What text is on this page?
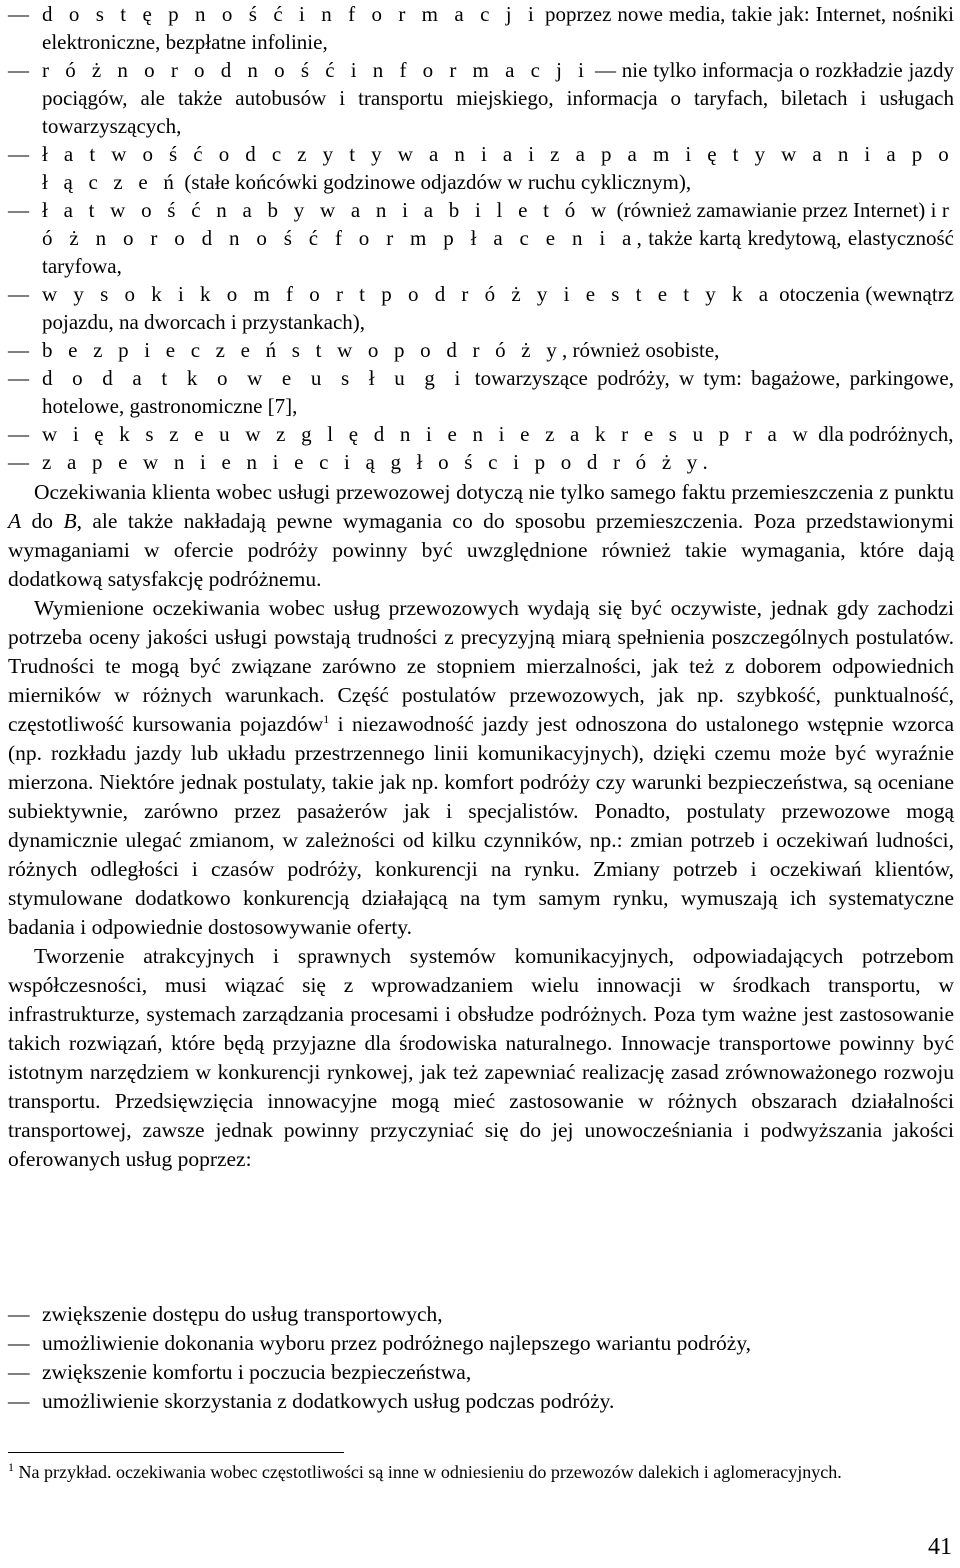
— d o s t ę p n o ś ć i n f o r m a c j i poprzez nowe media, takie jak: Internet, nośniki elektroniczne, bezpłatne infolinie,
— r ó ż n o r o d n o ś ć i n f o r m a c j i — nie tylko informacja o rozkładzie jazdy pociągów, ale także autobusów i transportu miejskiego, informacja o taryfach, biletach i usługach towarzyszących,
— ł a t w o ś ć o d c z y t y w a n i a i z a p a m i ę t y w a n i a p o ł ą c z e ń (stałe końcówki godzinowe odjazdów w ruchu cyklicznym),
— ł a t w o ś ć n a b y w a n i a b i l e t ó w (również zamawianie przez Internet) i r ó ż n o r o d n o ś ć f o r m p ł a c e n i a, także kartą kredytową, elastyczność taryfowa,
— w y s o k i k o m f o r t p o d r ó ż y i e s t e t y k a otoczenia (wewnątrz pojazdu, na dworcach i przystankach),
— b e z p i e c z e ń s t w o p o d r ó ż y, również osobiste,
— d o d a t k o w e u s ł u g i towarzyszące podróży, w tym: bagażowe, parkingowe, hotelowe, gastronomiczne [7],
— w i ę k s z e u w z g l ę d n i e n i e z a k r e s u p r a w dla podróżnych,
— z a p e w n i e n i e c i ą g ł o ś c i p o d r ó ż y.

Oczekiwania klienta wobec usługi przewozowej dotyczą nie tylko samego faktu przemieszczenia z punktu A do B, ale także nakładają pewne wymagania co do sposobu przemieszczenia. Poza przedstawionymi wymaganiami w ofercie podróży powinny być uwzględnione również takie wymagania, które dają dodatkową satysfakcję podróżnemu.

Wymienione oczekiwania wobec usług przewozowych wydają się być oczywiste, jednak gdy zachodzi potrzeba oceny jakości usługi powstają trudności z precyzyjną miarą spełnienia poszczególnych postulatów. Trudności te mogą być związane zarówno ze stopniem mierzalności, jak też z doborem odpowiednich mierników w różnych warunkach. Część postulatów przewozowych, jak np. szybkość, punktualność, częstotliwość kursowania pojazdów$^1$ i niezawodność jazdy jest odnoszona do ustalonego wstępnie wzorca (np. rozkładu jazdy lub układu przestrzennego linii komunikacyjnych), dzięki czemu może być wyraźnie mierzona. Niektóre jednak postulaty, takie jak np. komfort podróży czy warunki bezpieczeństwa, są oceniane subiektywnie, zarówno przez pasażerów jak i specjalistów. Ponadto, postulaty przewozowe mogą dynamicznie ulegać zmianom, w zależności od kilku czynników, np.: zmian potrzeb i oczekiwań ludności, różnych odległości i czasów podróży, konkurencji na rynku. Zmiany potrzeb i oczekiwań klientów, stymulowane dodatkowo konkurencją działającą na tym samym rynku, wymuszają ich systematyczne badania i odpowiednie dostosowywanie oferty.

Tworzenie atrakcyjnych i sprawnych systemów komunikacyjnych, odpowiadających potrzebom współczesności, musi wiązać się z wprowadzaniem wielu innowacji w środkach transportu, w infrastrukturze, systemach zarządzania procesami i obsłudze podróżnych. Poza tym ważne jest zastosowanie takich rozwiązań, które będą przyjazne dla środowiska naturalnego. Innowacje transportowe powinny być istotnym narzędziem w konkurencji rynkowej, jak też zapewniać realizację zasad zrównoważonego rozwoju transportu. Przedsięwzięcia innowacyjne mogą mieć zastosowanie w różnych obszarach działalności transportowej, zawsze jednak powinny przyczyniać się do jej unowocześniania i podwyższania jakości oferowanych usług poprzez:

— zwiększenie dostępu do usług transportowych,
— umożliwienie dokonania wyboru przez podróżnego najlepszego wariantu podróży,
— zwiększenie komfortu i poczucia bezpieczeństwa,
— umożliwienie skorzystania z dodatkowych usług podczas podróży.
$^1$ Na przykład. oczekiwania wobec częstotliwości są inne w odniesieniu do przewozów dalekich i aglomeracyjnych.
41
